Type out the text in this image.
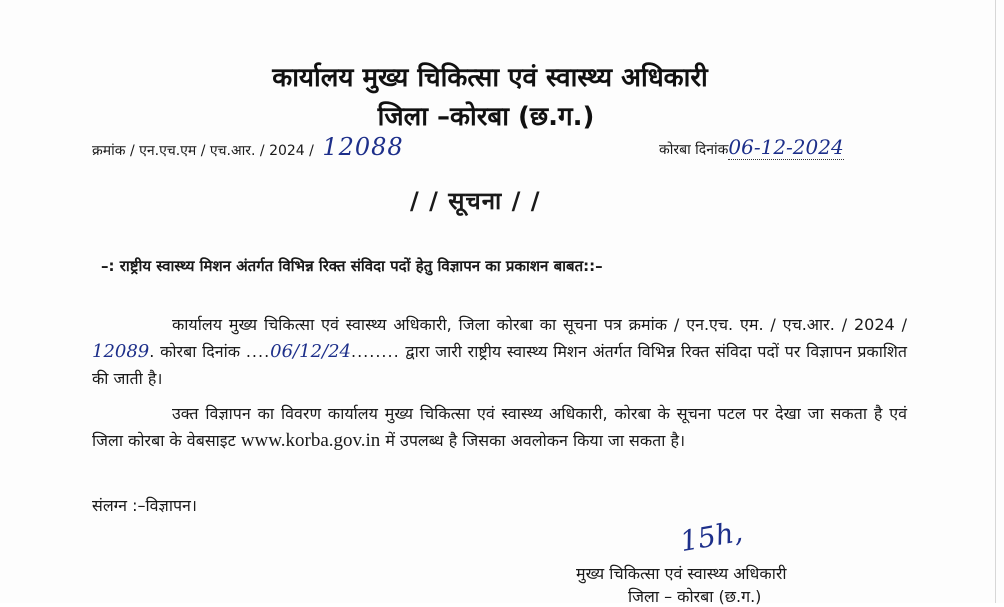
कार्यालय मुख्य चिकित्सा एवं स्वास्थ्य अधिकारी
जिला –कोरबा (छ.ग.)
क्रमांक / एन.एच.एम / एच.आर. / 2024 / 12088	कोरबा दिनांक06-12-2024
/ / सूचना / /
–: राष्ट्रीय स्वास्थ्य मिशन अंतर्गत विभिन्न रिक्त संविदा पदों हेतु विज्ञापन का प्रकाशन बाबत::–
कार्यालय मुख्य चिकित्सा एवं स्वास्थ्य अधिकारी, जिला कोरबा का सूचना पत्र क्रमांक / एन.एच. एम. / एच.आर. / 2024 / 12089. कोरबा दिनांक ....06/12/24........ द्वारा जारी राष्ट्रीय स्वास्थ्य मिशन अंतर्गत विभिन्न रिक्त संविदा पदों पर विज्ञापन प्रकाशित की जाती है।
उक्त विज्ञापन का विवरण कार्यालय मुख्य चिकित्सा एवं स्वास्थ्य अधिकारी, कोरबा के सूचना पटल पर देखा जा सकता है एवं जिला कोरबा के वेबसाइट www.korba.gov.in में उपलब्ध है जिसका अवलोकन किया जा सकता है।
संलग्न :–विज्ञापन।
15h,
मुख्य चिकित्सा एवं स्वास्थ्य अधिकारी
जिला – कोरबा (छ.ग.)
